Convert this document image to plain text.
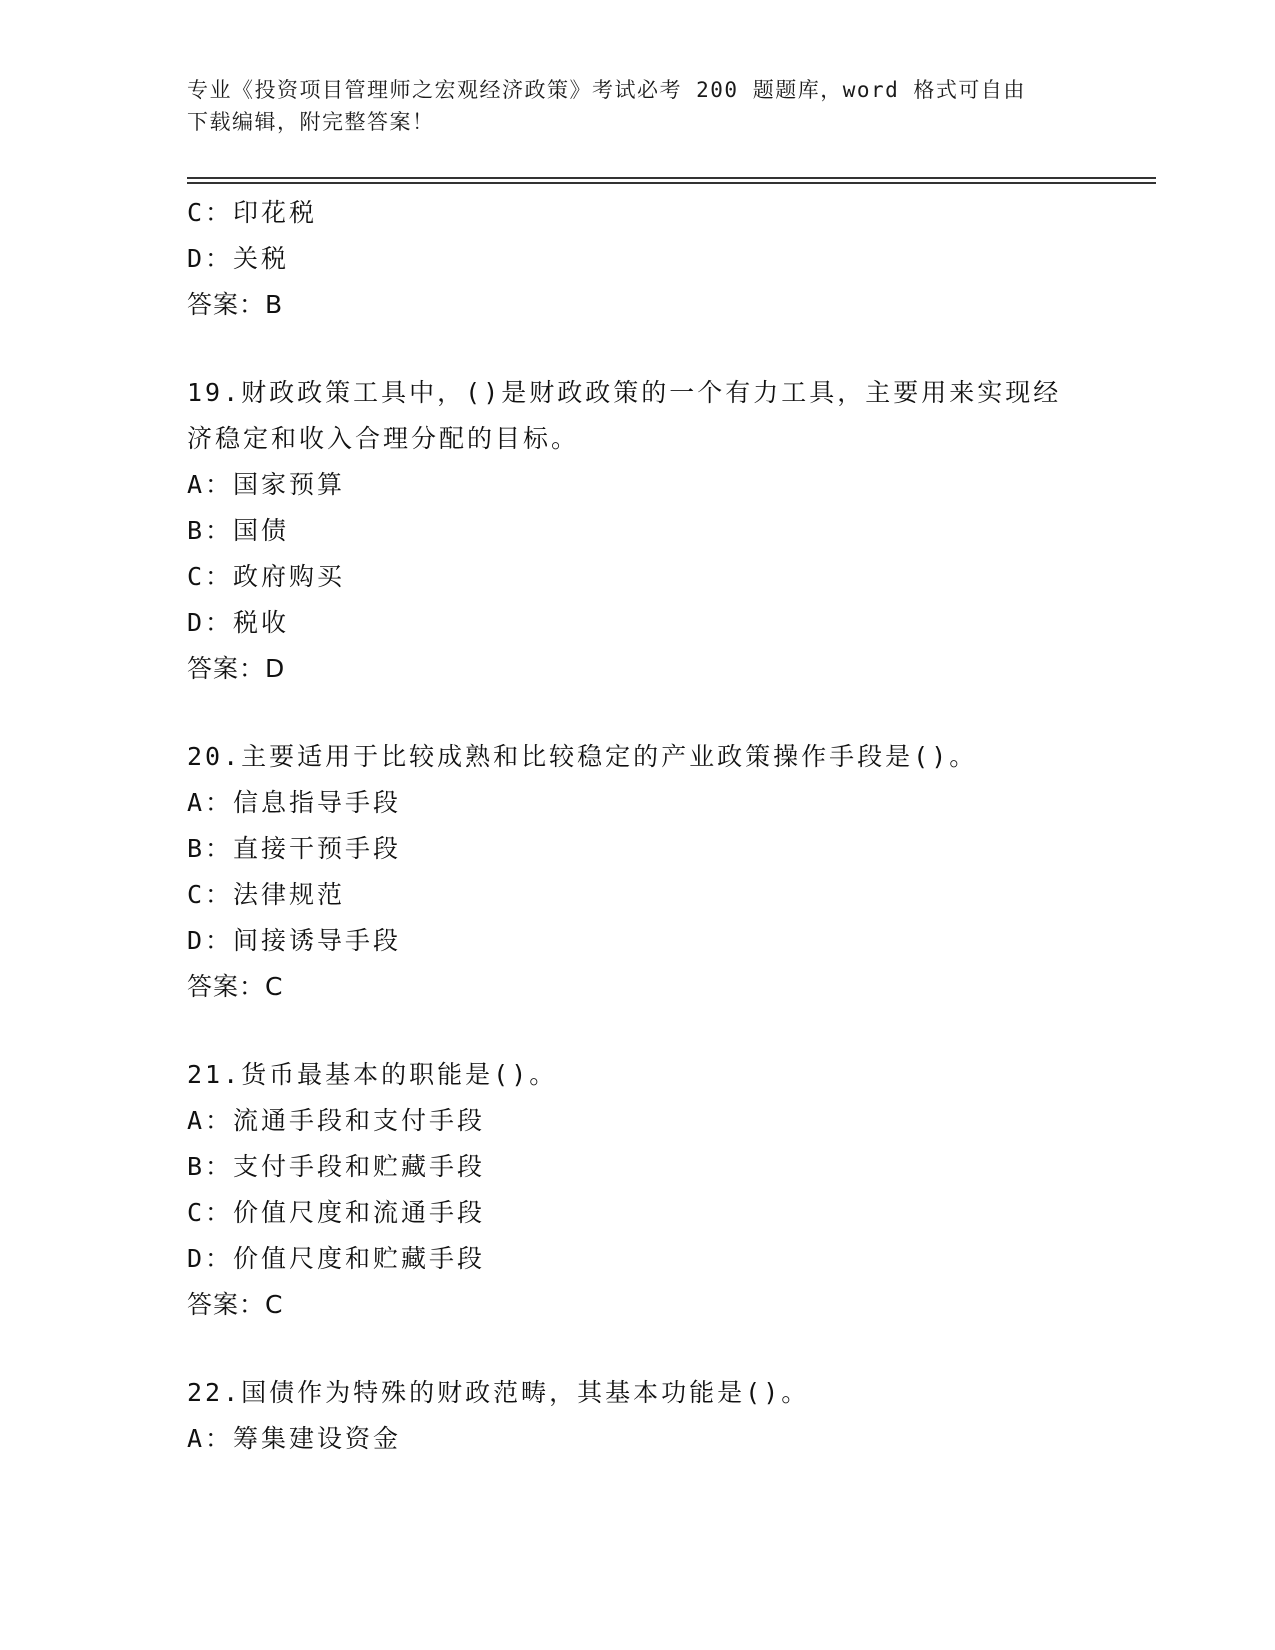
专业《投资项目管理师之宏观经济政策》考试必考 200 题题库，word 格式可自由
下载编辑，附完整答案！
C：印花税
D：关税
答案：B
19.财政政策工具中，()是财政政策的一个有力工具，主要用来实现经
济稳定和收入合理分配的目标。
A：国家预算
B：国债
C：政府购买
D：税收
答案：D
20.主要适用于比较成熟和比较稳定的产业政策操作手段是()。
A：信息指导手段
B：直接干预手段
C：法律规范
D：间接诱导手段
答案：C
21.货币最基本的职能是()。
A：流通手段和支付手段
B：支付手段和贮藏手段
C：价值尺度和流通手段
D：价值尺度和贮藏手段
答案：C
22.国债作为特殊的财政范畴，其基本功能是()。
A：筹集建设资金
